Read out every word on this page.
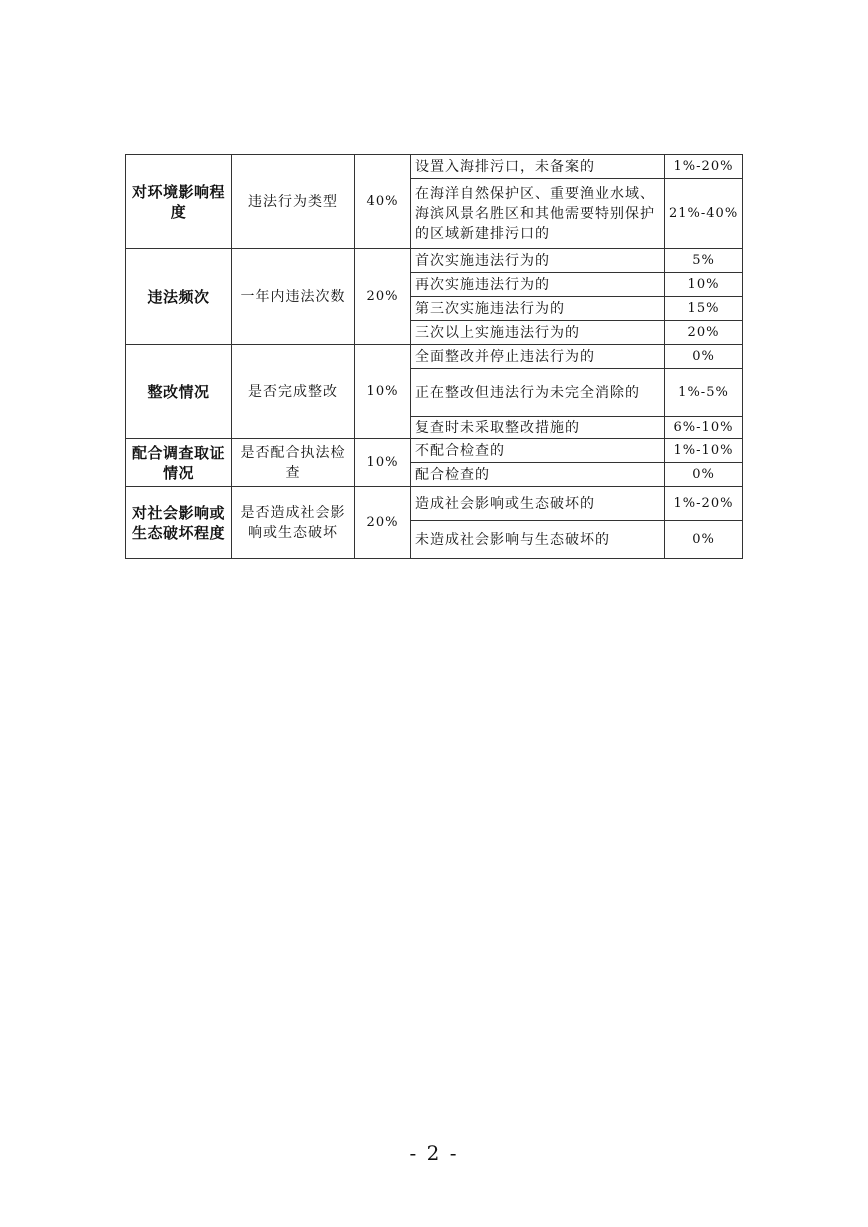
对环境影响程度	违法行为类型	40%	设置入海排污口，未备案的	1%-20%
			在海洋自然保护区、重要渔业水域、海滨风景名胜区和其他需要特别保护的区域新建排污口的	21%-40%
违法频次	一年内违法次数	20%	首次实施违法行为的	5%
			再次实施违法行为的	10%
			第三次实施违法行为的	15%
			三次以上实施违法行为的	20%
整改情况	是否完成整改	10%	全面整改并停止违法行为的	0%
			正在整改但违法行为未完全消除的	1%-5%
			复查时未采取整改措施的	6%-10%
配合调查取证情况	是否配合执法检查	10%	不配合检查的	1%-10%
			配合检查的	0%
对社会影响或生态破坏程度	是否造成社会影响或生态破坏	20%	造成社会影响或生态破坏的	1%-20%
			未造成社会影响与生态破坏的	0%
- 2 -
